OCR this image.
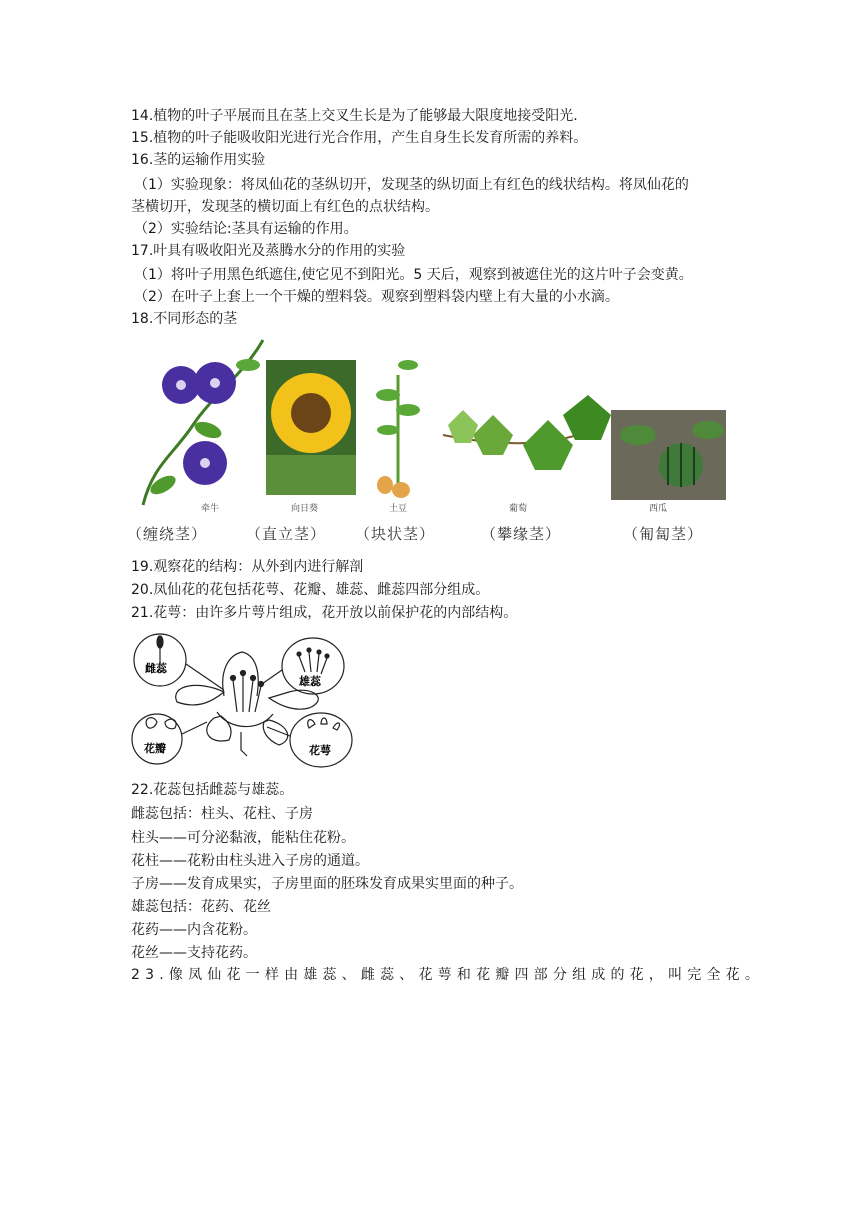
14.植物的叶子平展而且在茎上交叉生长是为了能够最大限度地接受阳光.
15.植物的叶子能吸收阳光进行光合作用，产生自身生长发育所需的养料。
16.茎的运输作用实验
（1）实验现象：将凤仙花的茎纵切开，发现茎的纵切面上有红色的线状结构。将凤仙花的
茎横切开，发现茎的横切面上有红色的点状结构。
（2）实验结论:茎具有运输的作用。
17.叶具有吸收阳光及蒸腾水分的作用的实验
（1）将叶子用黑色纸遮住,使它见不到阳光。5 天后，观察到被遮住光的这片叶子会变黄。
（2）在叶子上套上一个干燥的塑料袋。观察到塑料袋内壁上有大量的小水滴。
18.不同形态的茎
牵牛	向日葵	土豆	葡萄	西瓜
（缠绕茎）	（直立茎） （块状茎）	（攀缘茎）	（匍匐茎）
19.观察花的结构：从外到内进行解剖
20.凤仙花的花包括花萼、花瓣、雄蕊、雌蕊四部分组成。
21.花萼：由许多片萼片组成，花开放以前保护花的内部结构。
雌蕊
雄蕊
花瓣	花萼
22.花蕊包括雌蕊与雄蕊。
雌蕊包括：柱头、花柱、子房
柱头——可分泌黏液，能粘住花粉。
花柱——花粉由柱头进入子房的通道。
子房——发育成果实，子房里面的胚珠发育成果实里面的种子。
雄蕊包括：花药、花丝
花药——内含花粉。
花丝——支持花药。
23.像凤仙花一样由雄蕊、雌蕊、花萼和花瓣四部分组成的花，叫完全花。
